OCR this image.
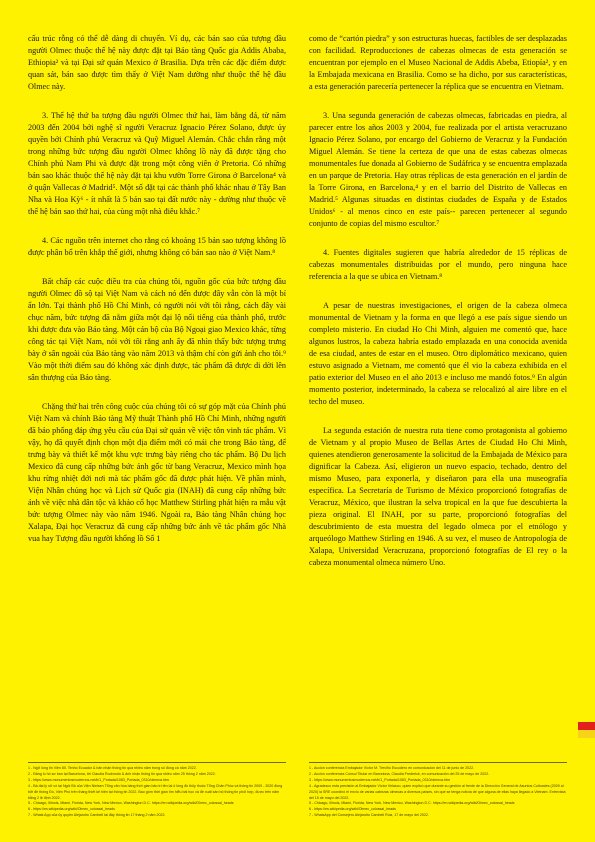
cấu trúc rỗng có thể dễ dàng di chuyển. Ví dụ, các bản sao của tượng đầu người Olmec thuộc thế hệ này được đặt tại Bảo tàng Quốc gia Addis Ababa, Ethiopia² và tại Đại sứ quán Mexico ở Brasilia. Dựa trên các đặc điểm được quan sát, bản sao được tìm thấy ở Việt Nam dường như thuộc thế hệ đầu Olmec này.

3. Thế hệ thứ ba tượng đầu người Olmec thứ hai, làm bằng đá, từ năm 2003 đến 2004 bởi nghệ sĩ người Veracruz Ignacio Pérez Solano, được ủy quyền bởi Chính phủ Veracruz và Quỹ Miguel Alemán. Chắc chắn rằng một trong những bức tượng đầu người Olmec không lồ này đã được tặng cho Chính phủ Nam Phi và được đặt trong một công viên ở Pretoria. Có những bản sao khác thuộc thế hệ này đặt tại khu vườn Torre Girona ở Barcelona⁴ và ở quận Vallecas ở Madrid⁵. Một số đặt tại các thành phố khác nhau ở Tây Ban Nha và Hoa Kỳ⁶ - ít nhất là 5 bản sao tại đất nước này - dường như thuộc về thế hệ bản sao thứ hai, của cùng một nhà điêu khắc.⁷

4. Các nguồn trên internet cho rằng có khoảng 15 bản sao tượng không lồ được phân bổ trên khắp thế giới, nhưng không có bản sao nào ở Việt Nam.⁸

Bất chấp các cuộc điều tra của chúng tôi, nguồn gốc của bức tượng đầu người Olmec đồ sộ tại Việt Nam và cách nó đến được đây vẫn còn là một bí ẩn lớn. Tại thành phố Hồ Chí Minh, có người nói với tôi rằng, cách đây vài chục năm, bức tượng đã nằm giữa một đại lộ nối tiếng của thành phố, trước khi được đưa vào Bảo tàng. Một cán bộ của Bộ Ngoại giao Mexico khác, từng công tác tại Việt Nam, nói với tôi rằng anh ấy đã nhìn thấy bức tượng trưng bày ở sân ngoài của Bảo tàng vào năm 2013 và thậm chí còn gửi ảnh cho tôi.⁹ Vào một thời điểm sau đó không xác định được, tác phẩm đã được di dời lên sân thượng của Bảo tàng.

Chặng thứ hai trên công cuộc của chúng tôi có sự góp mặt của Chính phủ Việt Nam và chính Bảo tàng Mỹ thuật Thành phố Hồ Chí Minh, những người đã bảo phống đáp ứng yêu cầu của Đại sứ quán về việc tôn vinh tác phẩm. Vì vậy, họ đã quyết định chọn một địa điểm mới có mái che trong Bảo tàng, để trưng bày và thiết kế một khu vực trưng bày riêng cho tác phẩm. Bộ Du lịch Mexico đã cung cấp những bức ảnh gốc từ bang Veracruz, Mexico mình họa khu rừng nhiệt đới nơi mà tác phẩm gốc đã được phát hiện. Về phần mình, Viện Nhân chủng học và Lịch sử Quốc gia (INAH) đã cung cấp những bức ảnh về việc nhà dân tộc và khảo cổ học Matthew Stirling phát hiện ra mẫu vật bức tượng Olmec này vào năm 1946. Ngoài ra, Bảo tàng Nhân chủng học Xalapa, Đại học Veracruz đã cung cấp những bức ảnh về tác phẩm gốc Nhà vua hay Tượng đầu người khổng lồ Số 1

como de “cartón piedra” y son estructuras huecas, factibles de ser desplazadas con facilidad. Reproducciones de cabezas olmecas de esta generación se encuentran por ejemplo en el Museo Nacional de Addis Abeba, Etiopía², y en la Embajada mexicana en Brasilia. Como se ha dicho, por sus características, a esta generación parecería pertenecer la réplica que se encuentra en Vietnam.

3. Una segunda generación de cabezas olmecas, fabricadas en piedra, al parecer entre los años 2003 y 2004, fue realizada por el artista veracruzano Ignacio Pérez Solano, por encargo del Gobierno de Veracruz y la Fundación Miguel Alemán. Se tiene la certeza de que una de estas cabezas olmecas monumentales fue donada al Gobierno de Sudáfrica y se encuentra emplazada en un parque de Pretoria. Hay otras réplicas de esta generación en el jardín de la Torre Girona, en Barcelona,⁴ y en el barrio del Distrito de Vallecas en Madrid.⁵ Algunas situadas en distintas ciudades de España y de Estados Unidos⁶ - al menos cinco en este país-- parecen pertenecer al segundo conjunto de copias del mismo escultor.⁷

4. Fuentes digitales sugieren que habría alrededor de 15 réplicas de cabezas monumentales distribuidas por el mundo, pero ninguna hace referencia a la que se ubica en Vietnam.⁸

A pesar de nuestras investigaciones, el origen de la cabeza olmeca monumental de Vietnam y la forma en que llegó a ese país sigue siendo un completo misterio. En ciudad Ho Chi Minh, alguien me comentó que, hace algunos lustros, la cabeza habría estado emplazada en una conocida avenida de esa ciudad, antes de estar en el museo. Otro diplomático mexicano, quien estuvo asignado a Vietnam, me comentó que él vio la cabeza exhibida en el patio exterior del Museo en el año 2013 e incluso me mandó fotos.⁹ En algún momento posterior, indeterminado, la cabeza se relocalizó al aire libre en el techo del museo.

La segunda estación de nuestra ruta tiene como protagonista al gobierno de Vietnam y al propio Museo de Bellas Artes de Ciudad Ho Chi Minh, quienes atendieron generosamente la solicitud de la Embajada de México para dignificar la Cabeza. Así, eligieron un nuevo espacio, techado, dentro del mismo Museo, para exponerla, y diseñaron para ella una museografía específica. La Secretaría de Turismo de México proporcionó fotografías de Veracruz, México, que ilustran la selva tropical en la que fue descubierta la pieza original. El INAH, por su parte, proporcionó fotografías del descubrimiento de esta muestra del legado olmeca por el etnólogo y arqueólogo Matthew Stirling en 1946. A su vez, el museo de Antropología de Xalapa, Universidad Veracruzana, proporcionó fotografías de El rey o la cabeza monumental olmeca número Uno.

1 - Ngữ lòng tin Viện 80. Tenho Ecuador & bản nhận thông tin qua nhiều năm trong số đồng cá năm 2022.
2 - Đăng lo hồ sơ ban tại Barcelona, tới Claudia Rodrondo & ảnh nhận thông tin qua nhiều năm 25 thông 2 năm 2022.
3 - https://www.monumentosmodernos.net/b/1_Portada/1083_Portada_0310/olmeca.htm
4 - Bà đại lý nữ có tại Ngôi Bộ của Viện Nielsen Tổng văn hóa hàng thời gian bảo trì tên lại ô lòng đồ thủy thuộc Tổng Chân Phúc và thông tin 2009 - 2020 đồng bởi đề thông Đồ, Viện Phó trên tháng thiết kế hiện tại thông tin 2022. Bao gồm thời gian tìm hiểu bài học và đề xuất sản bộ thống tin phối hợp, được trên năm bằng 2 lệ định 2022.
5 - Chicago, Illinois, Miami, Florida, New York, New Mexico, Washington D.C. https://en.wikipedia.org/wiki/Olmec_colossal_heads
6 - https://es.wikipedia.org/wiki/Olmec_colossal_heads
7 - Whats App của ủy quyền Alejandro Cambell tại đây thông tin 17 tháng 2 năm 2022.
1 - Acción conferencia Embajador Víctor M. Treviño Escudero en comunicación del 11 de junio de 2022.
2 - Acción conferencia Cónsul Titular en Barcelona, Claudia Frederick, en comunicación del 25 de mayo de 2022.
3 - https://www.monumentosmodernos.net/b/1_Portada/1083_Portada_0310/olmeca.htm
4 - Agradezco esta precisión al Embajador Víctor Velasco, quien explicó que durante su gestión al frente de la Dirección General de Asuntos Culturales (2009 al 2020) la SRE coordinó el envío de varias cabezas olmecas a diversos países, sin que se tenga noticia de que alguna de ellas haya llegado a Vietnam. Entrevista del 15 de mayo del 2022.
5 - Chicago, Illinois, Miami, Florida, New York, New Mexico, Washington D.C. https://en.wikipedia.org/wiki/Olmec_colossal_heads
6 - https://es.wikipedia.org/wiki/Olmec_colossal_heads
7 - WhatsApp del Consejero Alejandro Cambell Ruiz, 17 de mayo del 2022.
